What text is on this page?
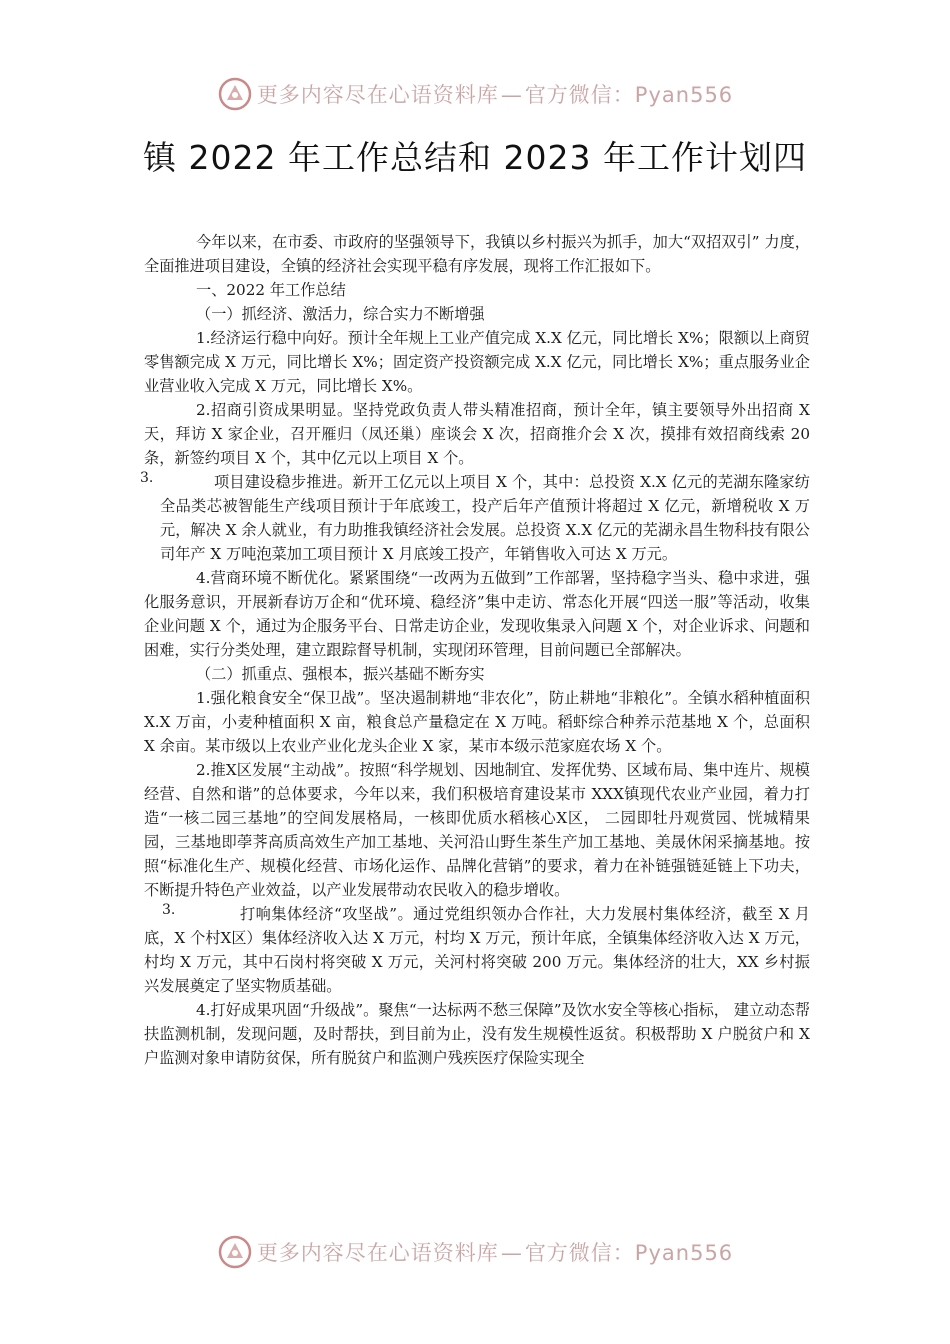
更多内容尽在心语资料库—官方微信：Pyan556
镇 2022 年工作总结和 2023 年工作计划四

今年以来，在市委、市政府的坚强领导下，我镇以乡村振兴为抓手，加大“双招双引” 力度，全面推进项目建设，全镇的经济社会实现平稳有序发展，现将工作汇报如下。

一、2022 年工作总结

（一）抓经济、激活力，综合实力不断增强

1.经济运行稳中向好。预计全年规上工业产值完成 X.X 亿元，同比增长 X%；限额以上商贸零售额完成 X 万元，同比增长 X%；固定资产投资额完成 X.X 亿元，同比增长 X%；重点服务业企业营业收入完成 X 万元，同比增长 X%。

2.招商引资成果明显。坚持党政负责人带头精准招商，预计全年，镇主要领导外出招商 X 天，拜访 X 家企业，召开雁归（凤还巢）座谈会 X 次，招商推介会 X 次，摸排有效招商线索 20 条，新签约项目 X 个，其中亿元以上项目 X 个。

3.	项目建设稳步推进。新开工亿元以上项目 X 个，其中：总投资 X.X 亿元的芜湖东隆家纺全品类芯被智能生产线项目预计于年底竣工，投产后年产值预计将超过 X 亿元，新增税收 X 万元，解决 X 余人就业，有力助推我镇经济社会发展。总投资 X.X 亿元的芜湖永昌生物科技有限公司年产 X 万吨泡菜加工项目预计 X 月底竣工投产，年销售收入可达 X 万元。

4.营商环境不断优化。紧紧围绕“一改两为五做到”工作部署，坚持稳字当头、稳中求进，强化服务意识，开展新春访万企和“优环境、稳经济”集中走访、常态化开展“四送一服”等活动，收集企业问题 X 个，通过为企服务平台、日常走访企业，发现收集录入问题 X 个，对企业诉求、问题和困难，实行分类处理，建立跟踪督导机制，实现闭环管理，目前问题已全部解决。

（二）抓重点、强根本，振兴基础不断夯实

1.强化粮食安全“保卫战”。坚决遏制耕地“非农化”，防止耕地“非粮化”。全镇水稻种植面积 X.X 万亩，小麦种植面积 X 亩，粮食总产量稳定在 X 万吨。稻虾综合种养示范基地 X 个，总面积 X 余亩。某市级以上农业产业化龙头企业 X 家，某市本级示范家庭农场 X 个。

2.推Ⅹ区发展“主动战”。按照“科学规划、因地制宜、发挥优势、区域布局、集中连片、规模经营、自然和谐”的总体要求，今年以来，我们积极培育建设某市 XXX镇现代农业产业园，着力打造“一核二园三基地”的空间发展格局，一核即优质水稻核心Ⅹ区， 二园即牡丹观赏园、恍城精果园，三基地即荸荠高质高效生产加工基地、关河沿山野生茶生产加工基地、美晟休闲采摘基地。按照“标准化生产、规模化经营、市场化运作、品牌化营销”的要求，着力在补链强链延链上下功夫，不断提升特色产业效益，以产业发展带动农民收入的稳步增收。

3.	打响集体经济“攻坚战”。通过党组织领办合作社，大力发展村集体经济，截至 X 月底，X 个村Ⅹ区）集体经济收入达 X 万元，村均 X 万元，预计年底，全镇集体经济收入达 X 万元，村均 X 万元，其中石岗村将突破 X 万元，关河村将突破 200 万元。集体经济的壮大，XX 乡村振兴发展奠定了坚实物质基础。

4.打好成果巩固“升级战”。聚焦“一达标两不愁三保障”及饮水安全等核心指标， 建立动态帮扶监测机制，发现问题，及时帮扶，到目前为止，没有发生规模性返贫。积极帮助 X 户脱贫户和 X 户监测对象申请防贫保，所有脱贫户和监测户残疾医疗保险实现全

更多内容尽在心语资料库—官方微信：Pyan556
